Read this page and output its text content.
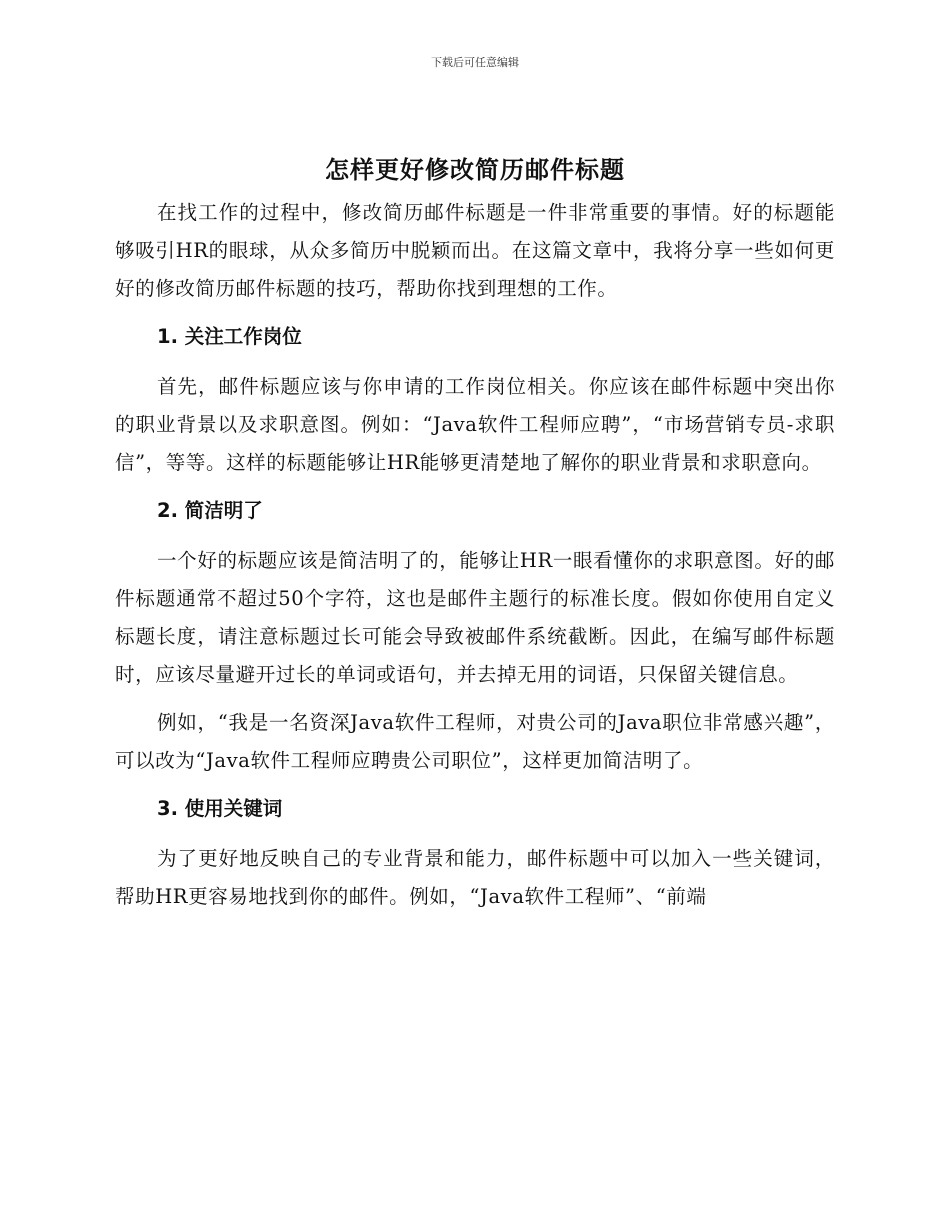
下载后可任意编辑
怎样更好修改简历邮件标题

在找工作的过程中，修改简历邮件标题是一件非常重要的事情。好的标题能够吸引HR的眼球，从众多简历中脱颖而出。在这篇文章中，我将分享一些如何更好的修改简历邮件标题的技巧，帮助你找到理想的工作。

1. 关注工作岗位

首先，邮件标题应该与你申请的工作岗位相关。你应该在邮件标题中突出你的职业背景以及求职意图。例如：“Java软件工程师应聘”，“市场营销专员-求职信”，等等。这样的标题能够让HR能够更清楚地了解你的职业背景和求职意向。

2. 简洁明了

一个好的标题应该是简洁明了的，能够让HR一眼看懂你的求职意图。好的邮件标题通常不超过50个字符，这也是邮件主题行的标准长度。假如你使用自定义标题长度，请注意标题过长可能会导致被邮件系统截断。因此，在编写邮件标题时，应该尽量避开过长的单词或语句，并去掉无用的词语，只保留关键信息。

例如，“我是一名资深Java软件工程师，对贵公司的Java职位非常感兴趣”，可以改为“Java软件工程师应聘贵公司职位”，这样更加简洁明了。

3. 使用关键词

为了更好地反映自己的专业背景和能力，邮件标题中可以加入一些关键词，帮助HR更容易地找到你的邮件。例如，“Java软件工程师”、“前端
